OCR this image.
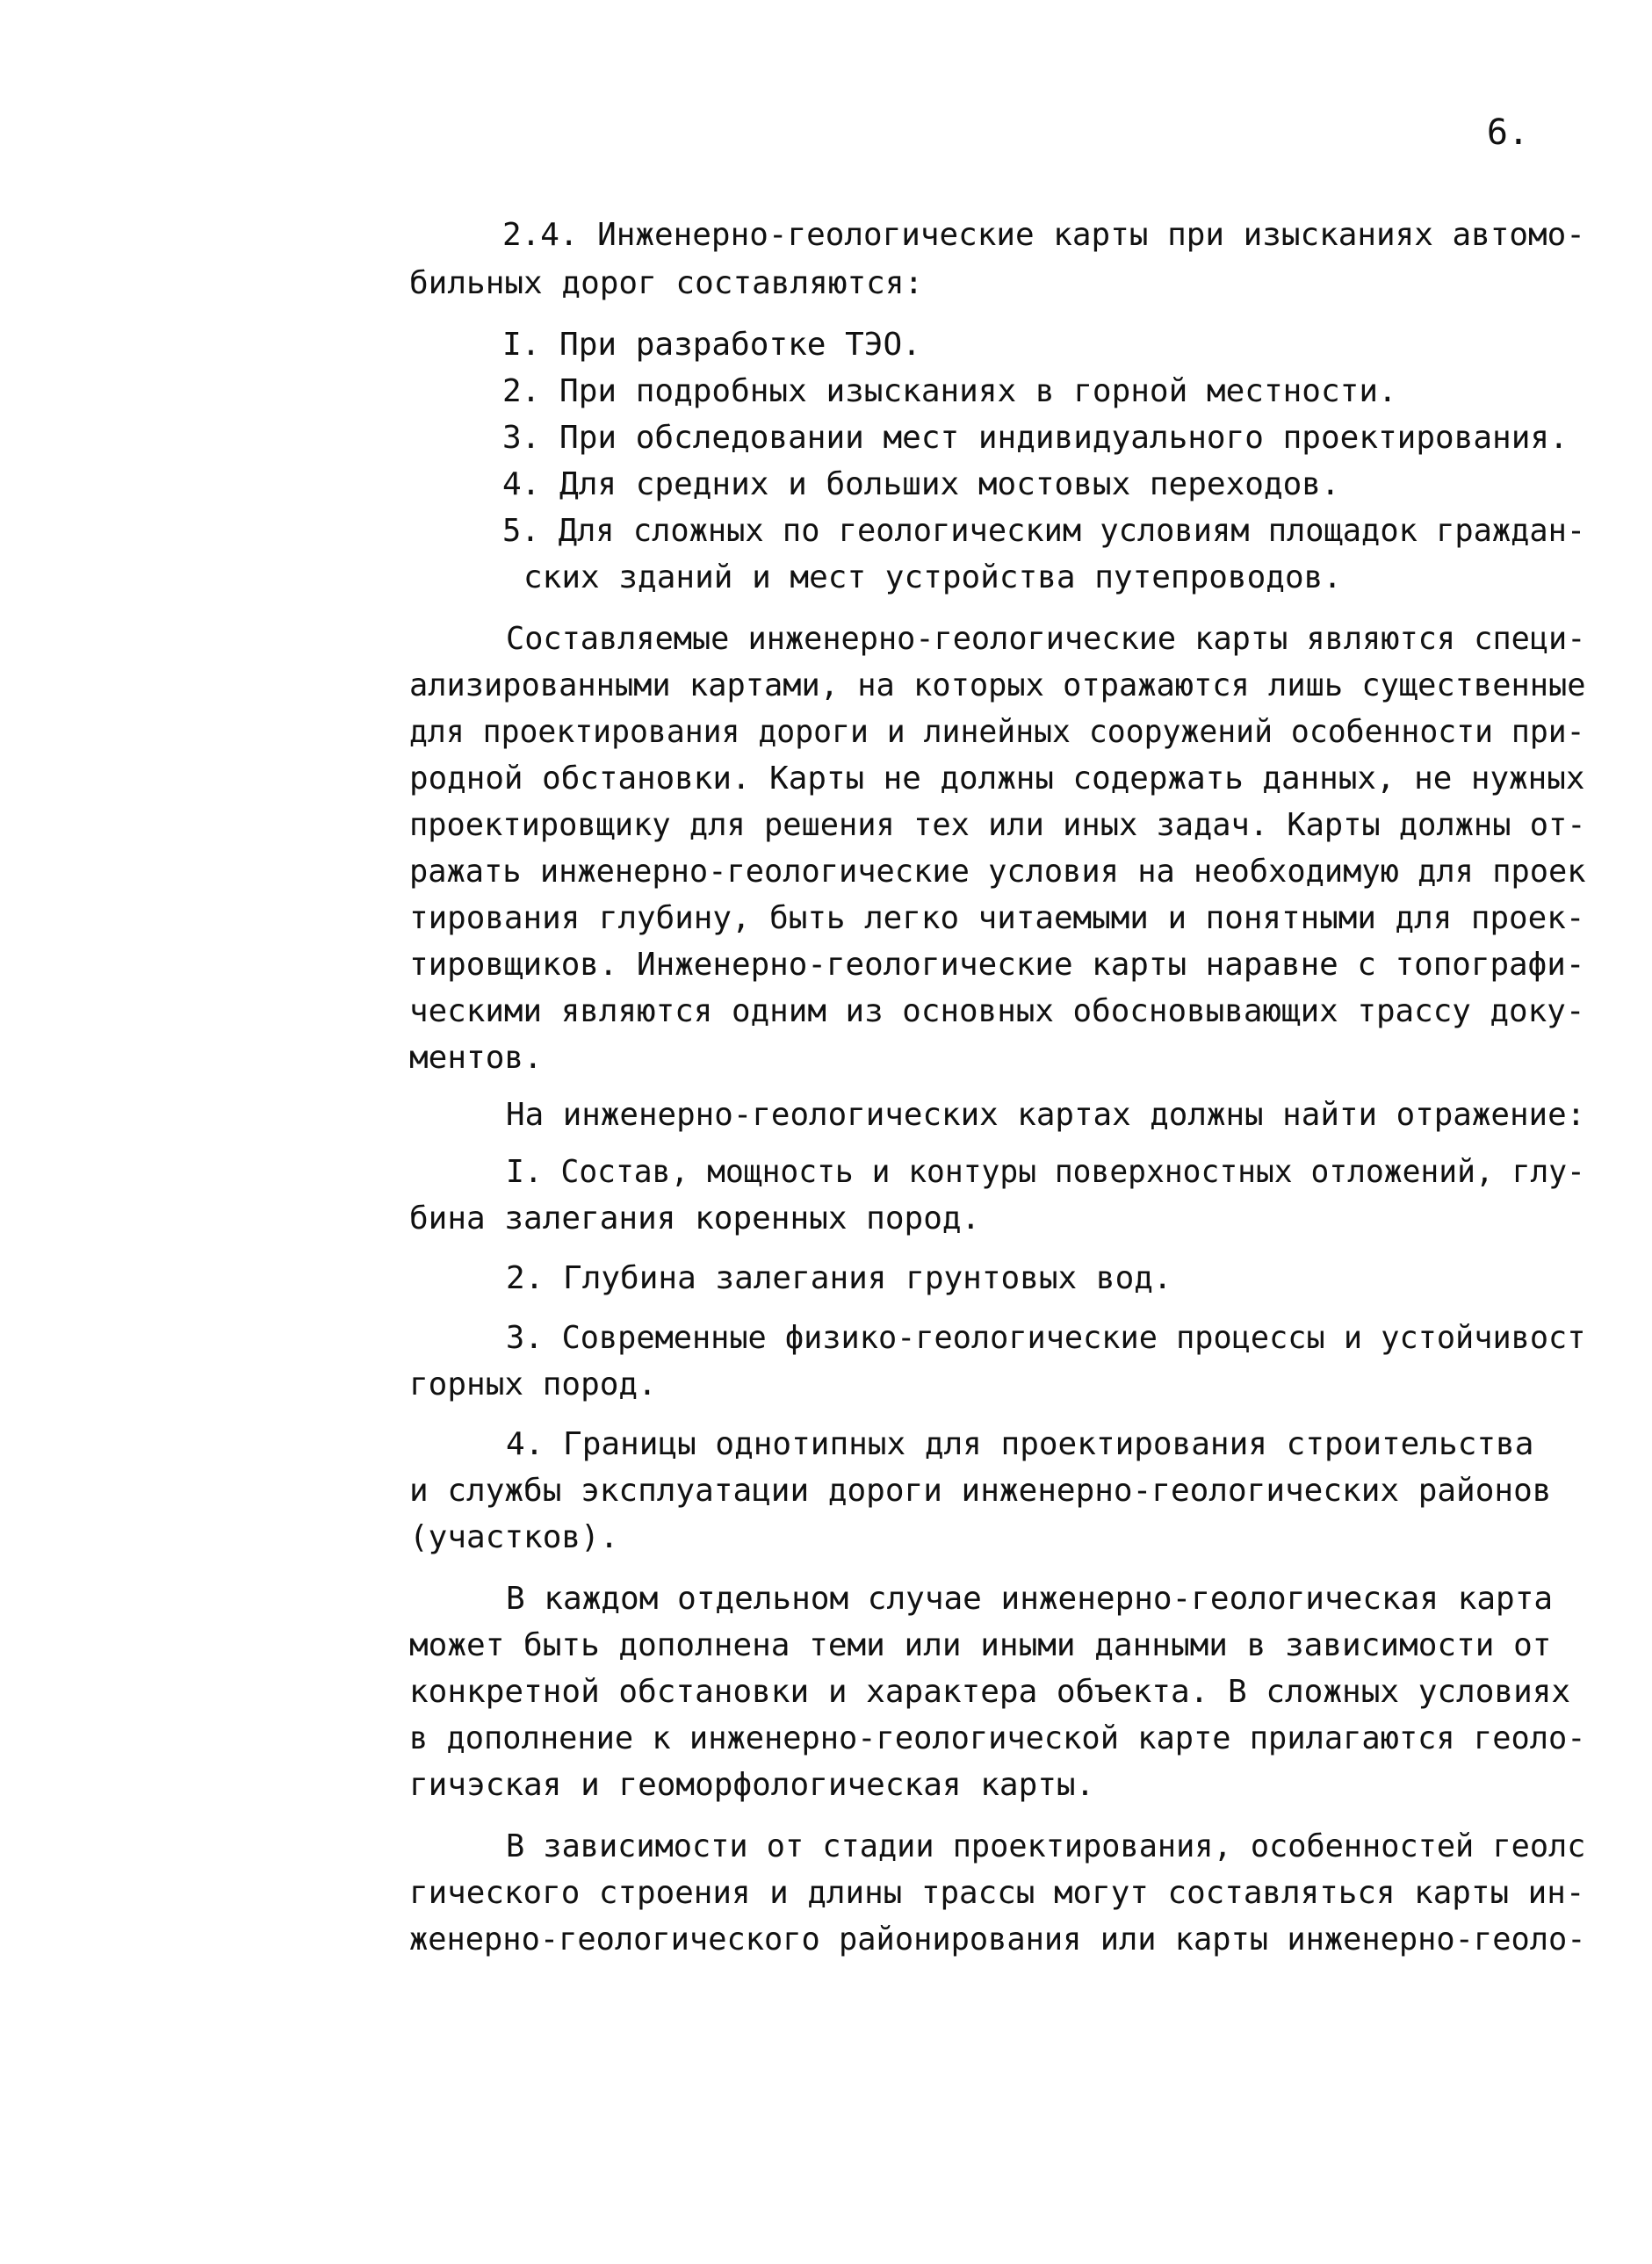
6.
2.4. Инженерно-геологические карты при изысканиях автомо-
бильных дорог составляются:
I. При разработке ТЭО.
2. При подробных изысканиях в горной местности.
3. При обследовании мест индивидуального проектирования.
4. Для средних и больших мостовых переходов.
5. Для сложных по геологическим условиям площадок граждан-
ских зданий и мест устройства путепроводов.
Составляемые инженерно-геологические карты являются специ-
ализированными картами, на которых отражаются лишь существенные
для проектирования дороги и линейных сооружений особенности при-
родной обстановки. Карты не должны содержать данных, не нужных
проектировщику для решения тех или иных задач. Карты должны от-
ражать инженерно-геологические условия на необходимую для проек
тирования глубину, быть легко читаемыми и понятными для проек-
тировщиков. Инженерно-геологические карты наравне с топографи-
ческими являются одним из основных обосновывающих трассу доку-
ментов.
На инженерно-геологических картах должны найти отражение:
I. Состав, мощность и контуры поверхностных отложений, глу-
бина залегания коренных пород.
2. Глубина залегания грунтовых вод.
3. Современные физико-геологические процессы и устойчивост
горных пород.
4. Границы однотипных для проектирования строительства
и службы эксплуатации дороги инженерно-геологических районов
(участков).
В каждом отдельном случае инженерно-геологическая карта
может быть дополнена теми или иными данными в зависимости от
конкретной обстановки и характера объекта. В сложных условиях
в дополнение к инженерно-геологической карте прилагаются геоло-
гичэская и геоморфологическая карты.
В зависимости от стадии проектирования, особенностей геолс
гического строения и длины трассы могут составляться карты ин-
женерно-геологического районирования или карты инженерно-геоло-
